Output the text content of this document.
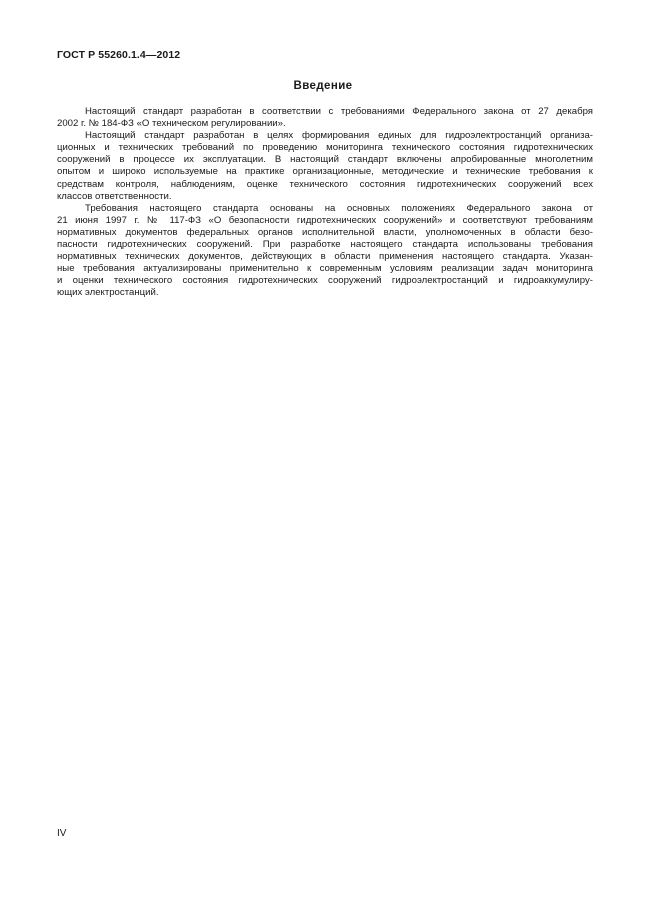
ГОСТ Р 55260.1.4—2012
Введение
Настоящий стандарт разработан в соответствии с требованиями Федерального закона от 27 декабря
2002 г. № 184-ФЗ «О техническом регулировании».
Настоящий стандарт разработан в целях формирования единых для гидроэлектростанций организа-
ционных и технических требований по проведению мониторинга технического состояния гидротехнических
сооружений в процессе их эксплуатации. В настоящий стандарт включены апробированные многолетним
опытом и широко используемые на практике организационные, методические и технические требования к
средствам контроля, наблюдениям, оценке технического состояния гидротехнических сооружений всех
классов ответственности.
Требования настоящего стандарта основаны на основных положениях Федерального закона от
21 июня 1997 г. № 117-ФЗ «О безопасности гидротехнических сооружений» и соответствуют требованиям
нормативных документов федеральных органов исполнительной власти, уполномоченных в области безо-
пасности гидротехнических сооружений. При разработке настоящего стандарта использованы требования
нормативных технических документов, действующих в области применения настоящего стандарта. Указан-
ные требования актуализированы применительно к современным условиям реализации задач мониторинга
и оценки технического состояния гидротехнических сооружений гидроэлектростанций и гидроаккумулиру-
ющих электростанций.
IV
